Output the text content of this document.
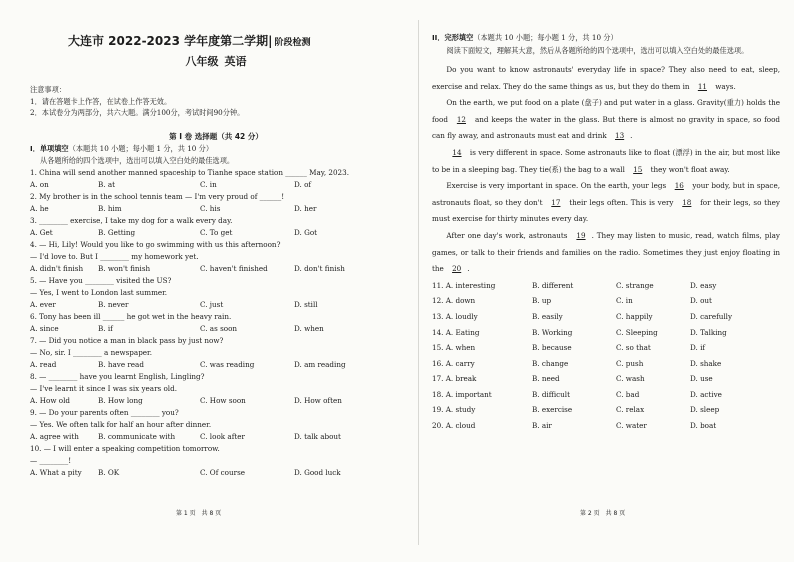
大连市 2022-2023 学年度第二学期| 阶段检测
八年级 英语
注意事项：
1．请在答题卡上作答，在试卷上作答无效。
2．本试卷分为两部分，共六大题。满分100分，考试时间90分钟。
第 I 卷 选择题（共 42 分）
I．单项填空（本题共 10 小题；每小题 1 分，共 10 分）
从各题所给的四个选项中，选出可以填入空白处的最佳选项。
1. China will send another manned spaceship to Tianhe space station ______ May, 2023.
A. on	B. at	C. in	D. of
2. My brother is in the school tennis team — I'm very proud of ______!
A. he	B. him	C. his	D. her
3. ________ exercise, I take my dog for a walk every day.
A. Get	B. Getting	C. To get	D. Got
4. — Hi, Lily! Would you like to go swimming with us this afternoon?
— I'd love to. But I ________ my homework yet.
A. didn't finish	B. won't finish	C. haven't finished	D. don't finish
5. — Have you ________ visited the US?
— Yes, I went to London last summer.
A. ever	B. never	C. just	D. still
6. Tony has been ill ______ he got wet in the heavy rain.
A. since	B. if	C. as soon	D. when
7. — Did you notice a man in black pass by just now?
— No, sir. I ________ a newspaper.
A. read	B. have read	C. was reading	D. am reading
8. — ________ have you learnt English, Lingling?
— I've learnt it since I was six years old.
A. How old	B. How long	C. How soon	D. How often
9. — Do your parents often ________ you?
— Yes. We often talk for half an hour after dinner.
A. agree with	B. communicate with	C. look after	D. talk about
10. — I will enter a speaking competition tomorrow.
— ________!
A. What a pity	B. OK	C. Of course	D. Good luck
第 1 页　共 8 页
II．完形填空（本题共 10 小题；每小题 1 分，共 10 分）
阅读下面短文，理解其大意，然后从各题所给的四个选项中，选出可以填入空白处的最佳选项。
Do you want to know astronauts' everyday life in space? They also need to eat, sleep, exercise and relax. They do the same things as us, but they do them in 11 ways.
On the earth, we put food on a plate (盘子) and put water in a glass. Gravity(重力) holds the food 12 and keeps the water in the glass. But there is almost no gravity in space, so food can fly away, and astronauts must eat and drink 13 .
14 is very different in space. Some astronauts like to float (漂浮) in the air, but most like to be in a sleeping bag. They tie(系) the bag to a wall 15 they won't float away.
Exercise is very important in space. On the earth, your legs 16 your body, but in space, astronauts float, so they don't 17 their legs often. This is very 18 for their legs, so they must exercise for thirty minutes every day.
After one day's work, astronauts 19 . They may listen to music, read, watch films, play games, or talk to their friends and families on the radio. Sometimes they just enjoy floating in the 20 .
11. A. interesting	B. different	C. strange	D. easy
12. A. down	B. up	C. in	D. out
13. A. loudly	B. easily	C. happily	D. carefully
14. A. Eating	B. Working	C. Sleeping	D. Talking
15. A. when	B. because	C. so that	D. if
16. A. carry	B. change	C. push	D. shake
17. A. break	B. need	C. wash	D. use
18. A. important	B. difficult	C. bad	D. active
19. A. study	B. exercise	C. relax	D. sleep
20. A. cloud	B. air	C. water	D. boat
第 2 页　共 8 页
